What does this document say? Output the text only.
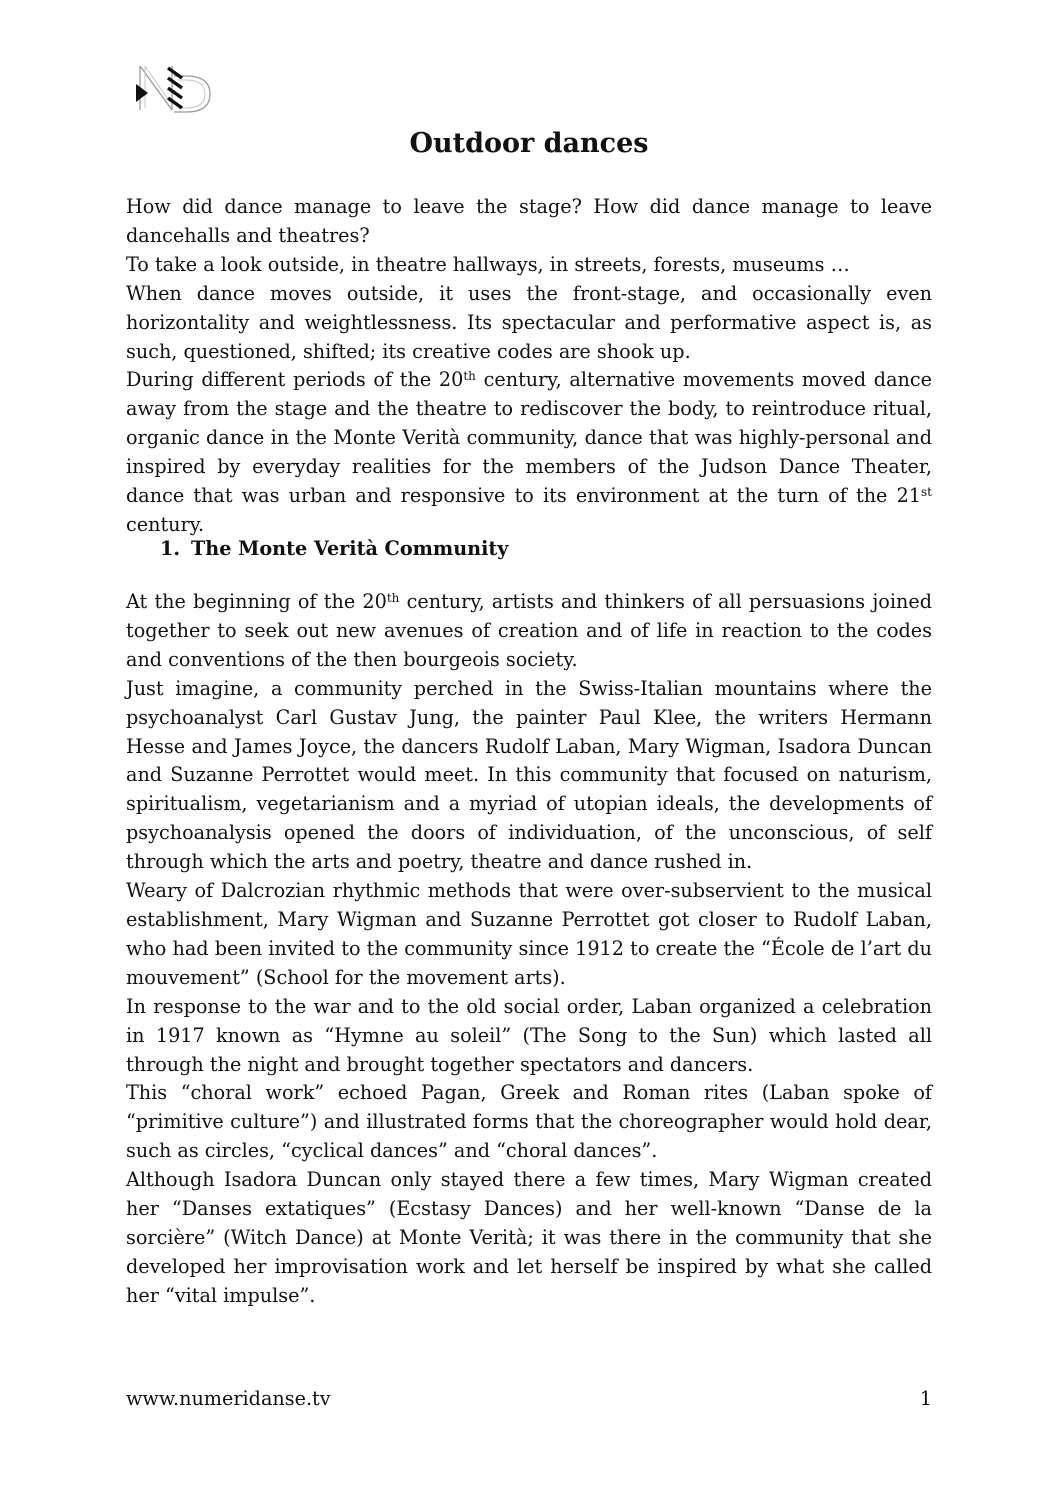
Outdoor dances

How did dance manage to leave the stage? How did dance manage to leave dancehalls and theatres?

To take a look outside, in theatre hallways, in streets, forests, museums …

When dance moves outside, it uses the front-stage, and occasionally even horizontality and weightlessness. Its spectacular and performative aspect is, as such, questioned, shifted; its creative codes are shook up.

During different periods of the 20th century, alternative movements moved dance away from the stage and the theatre to rediscover the body, to reintroduce ritual, organic dance in the Monte Verità community, dance that was highly-personal and inspired by everyday realities for the members of the Judson Dance Theater, dance that was urban and responsive to its environment at the turn of the 21st century.

1. The Monte Verità Community

At the beginning of the 20th century, artists and thinkers of all persuasions joined together to seek out new avenues of creation and of life in reaction to the codes and conventions of the then bourgeois society.

Just imagine, a community perched in the Swiss-Italian mountains where the psychoanalyst Carl Gustav Jung, the painter Paul Klee, the writers Hermann Hesse and James Joyce, the dancers Rudolf Laban, Mary Wigman, Isadora Duncan and Suzanne Perrottet would meet. In this community that focused on naturism, spiritualism, vegetarianism and a myriad of utopian ideals, the developments of psychoanalysis opened the doors of individuation, of the unconscious, of self through which the arts and poetry, theatre and dance rushed in.

Weary of Dalcrozian rhythmic methods that were over-subservient to the musical establishment, Mary Wigman and Suzanne Perrottet got closer to Rudolf Laban, who had been invited to the community since 1912 to create the “École de l’art du mouvement” (School for the movement arts).

In response to the war and to the old social order, Laban organized a celebration in 1917 known as “Hymne au soleil” (The Song to the Sun) which lasted all through the night and brought together spectators and dancers.

This “choral work” echoed Pagan, Greek and Roman rites (Laban spoke of “primitive culture”) and illustrated forms that the choreographer would hold dear, such as circles, “cyclical dances” and “choral dances”.

Although Isadora Duncan only stayed there a few times, Mary Wigman created her “Danses extatiques” (Ecstasy Dances) and her well-known “Danse de la sorcière” (Witch Dance) at Monte Verità; it was there in the community that she developed her improvisation work and let herself be inspired by what she called her “vital impulse”.

www.numeridanse.tv	1
